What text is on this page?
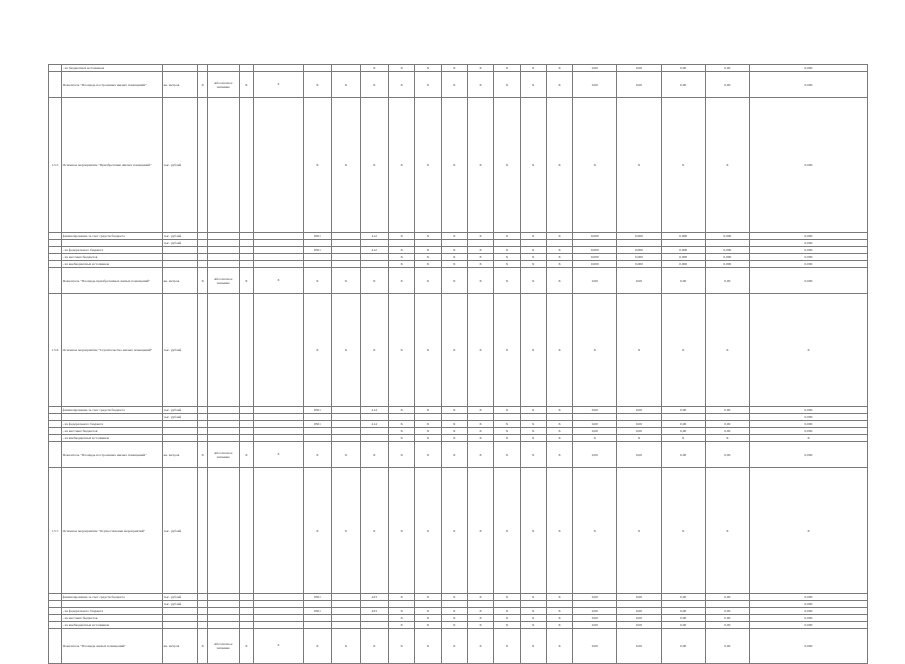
	- из бюджетных источников								X	X	X	X	X	X	X	X	0,00	0,00	0,00	0,00	0,000
	Показатель "Площадь построенных жилых помещений"	кв. метров	X	Абсолютное значение	X	X	X	X	X	X	X	X	X	X	X	X	0,00	0,00	0,00	0,00	0,000
1.5.5	Основное мероприятие "Приобретение жилых помещений"	тыс. рублей					X	X	X	X	X	X	X	X	X	X	X	X	X	X	0,000
	финансирование за счет средств бюджета	тыс. рублей					0501		412	X	X	X	X	X	X	X	0,000	0,000	0,000	0,000	0,000
		тыс. рублей																			0,000
	- из федерального бюджета						0501		412	X	X	X	X	X	X	X	0,000	0,000	0,000	0,000	0,000
	- из местных бюджетов									X	X	X	X	X	X	X	0,000	0,000	0,000	0,000	0,000
	- из внебюджетных источников									X	X	X	X	X	X	X	0,000	0,000	0,000	0,000	0,000
	Показатель "Площадь приобретенных жилых помещений"	кв. метров	X	Абсолютное значение	X	X	X	X	X	X	X	X	X	X	X	X	0,00	0,00	0,00	0,00	0,000
1.5.6	Основное мероприятие "Строительство жилых помещений"	тыс. рублей					X	X	X	X	X	X	X	X	X	X	X	X	X	X	X
	финансирование за счет средств бюджета	тыс. рублей					0501		414	X	X	X	X	X	X	X	0,00	0,00	0,00	0,00	0,000
		тыс. рублей																			0,000
	- из федерального бюджета						0501		414	X	X	X	X	X	X	X	0,00	0,00	0,00	0,00	0,000
	- из местных бюджетов									X	X	X	X	X	X	X	0,00	0,00	0,00	0,00	0,000
	- из внебюджетных источников									X	X	X	X	X	X	X	X	X	X	X	X
	Показатель "Площадь построенных жилых помещений"	кв. метров	X	Абсолютное значение	X	X	X	X	X	X	X	X	X	X	X	X	0,00	0,00	0,00	0,00	0,000
1.5.7	Основное мероприятие "Осуществление мероприятий"	тыс. рублей					X	X	X	X	X	X	X	X	X	X	X	X	X	X	X
	финансирование за счет средств бюджета	тыс. рублей					0501		423	X	X	X	X	X	X	X	0,00	0,00	0,00	0,00	0,000
		тыс. рублей																			0,000
	- из федерального бюджета						0501		423	X	X	X	X	X	X	X	0,00	0,00	0,00	0,00	0,000
	- из местных бюджетов									X	X	X	X	X	X	X	0,00	0,00	0,00	0,00	0,000
	- из внебюджетных источников									X	X	X	X	X	X	X	0,00	0,00	0,00	0,00	0,000
	Показатель "Площадь жилых помещений"	кв. метров	X	Абсолютное значение	X	X	X	X	X	X	X	X	X	X	X	X	0,00	0,00	0,00	0,00	0,000
